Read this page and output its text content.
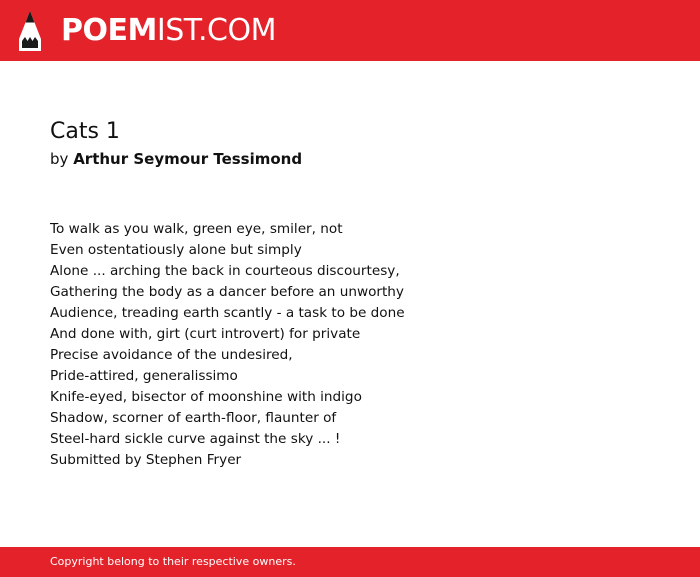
POEMIST.COM
Cats 1
by Arthur Seymour Tessimond
To walk as you walk, green eye, smiler, not
Even ostentatiously alone but simply
Alone ... arching the back in courteous discourtesy,
Gathering the body as a dancer before an unworthy
Audience, treading earth scantly - a task to be done
And done with, girt (curt introvert) for private
Precise avoidance of the undesired,
Pride-attired, generalissimo
Knife-eyed, bisector of moonshine with indigo
Shadow, scorner of earth-floor, flaunter of
Steel-hard sickle curve against the sky ... !
Submitted by Stephen Fryer
Copyright belong to their respective owners.
